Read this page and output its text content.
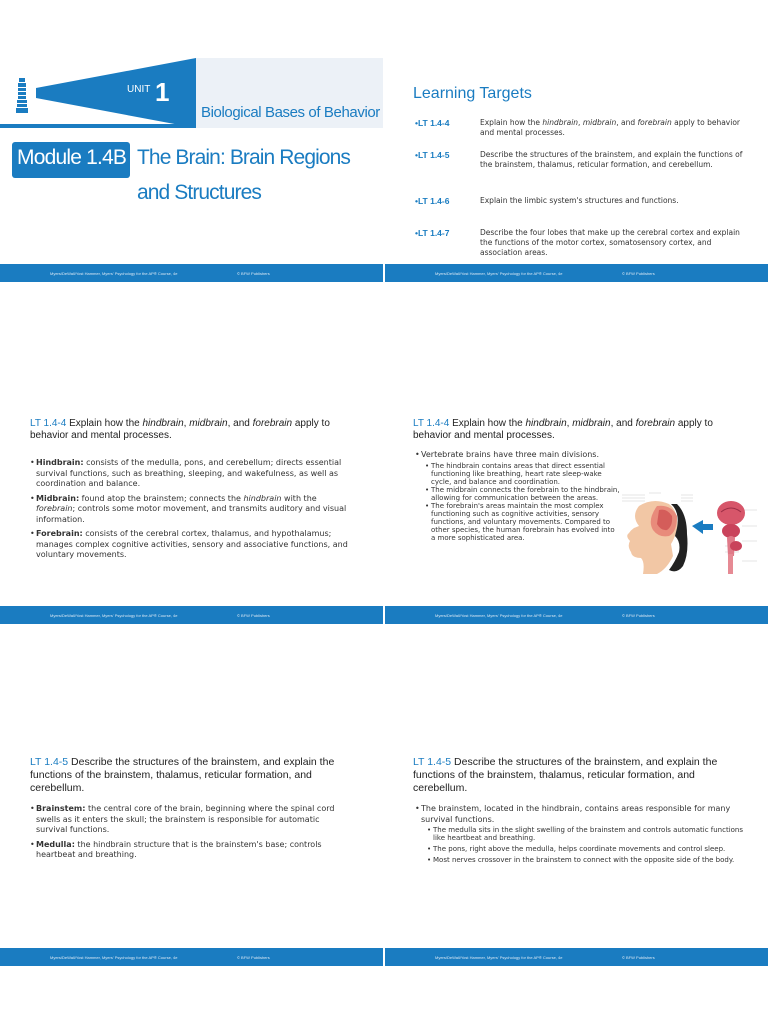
UNIT 1
Biological Bases of Behavior
Module 1.4B The Brain: Brain Regions
and Structures
Myers/DeWall/Yost Hammer, Myers' Psychology for the AP® Course, 4e	© BFW Publishers
Learning Targets
•LT 1.4-4	Explain how the hindbrain, midbrain, and forebrain apply to behavior and mental processes.
•LT 1.4-5	Describe the structures of the brainstem, and explain the functions of the brainstem, thalamus, reticular formation, and cerebellum.
•LT 1.4-6	Explain the limbic system's structures and functions.
•LT 1.4-7	Describe the four lobes that make up the cerebral cortex and explain the functions of the motor cortex, somatosensory cortex, and association areas.
Myers/DeWall/Yost Hammer, Myers' Psychology for the AP® Course, 4e	© BFW Publishers
LT 1.4-4 Explain how the hindbrain, midbrain, and forebrain apply to behavior and mental processes.
• Hindbrain: consists of the medulla, pons, and cerebellum; directs essential survival functions, such as breathing, sleeping, and wakefulness, as well as coordination and balance.
• Midbrain: found atop the brainstem; connects the hindbrain with the forebrain; controls some motor movement, and transmits auditory and visual information.
• Forebrain: consists of the cerebral cortex, thalamus, and hypothalamus; manages complex cognitive activities, sensory and associative functions, and voluntary movements.
Myers/DeWall/Yost Hammer, Myers' Psychology for the AP® Course, 4e	© BFW Publishers
LT 1.4-4 Explain how the hindbrain, midbrain, and forebrain apply to behavior and mental processes.
• Vertebrate brains have three main divisions.
• The hindbrain contains areas that direct essential functioning like breathing, heart rate sleep-wake cycle, and balance and coordination.
• The midbrain connects the forebrain to the hindbrain, allowing for communication between the areas.
• The forebrain's areas maintain the most complex functioning such as cognitive activities, sensory functions, and voluntary movements. Compared to other species, the human forebrain has evolved into a more sophisticated area.
Myers/DeWall/Yost Hammer, Myers' Psychology for the AP® Course, 4e	© BFW Publishers
LT 1.4-5 Describe the structures of the brainstem, and explain the functions of the brainstem, thalamus, reticular formation, and cerebellum.
• Brainstem: the central core of the brain, beginning where the spinal cord swells as it enters the skull; the brainstem is responsible for automatic survival functions.
• Medulla: the hindbrain structure that is the brainstem's base; controls heartbeat and breathing.
Myers/DeWall/Yost Hammer, Myers' Psychology for the AP® Course, 4e	© BFW Publishers
LT 1.4-5 Describe the structures of the brainstem, and explain the functions of the brainstem, thalamus, reticular formation, and cerebellum.
• The brainstem, located in the hindbrain, contains areas responsible for many survival functions.
• The medulla sits in the slight swelling of the brainstem and controls automatic functions like heartbeat and breathing.
• The pons, right above the medulla, helps coordinate movements and control sleep.
• Most nerves crossover in the brainstem to connect with the opposite side of the body.
Myers/DeWall/Yost Hammer, Myers' Psychology for the AP® Course, 4e	© BFW Publishers
